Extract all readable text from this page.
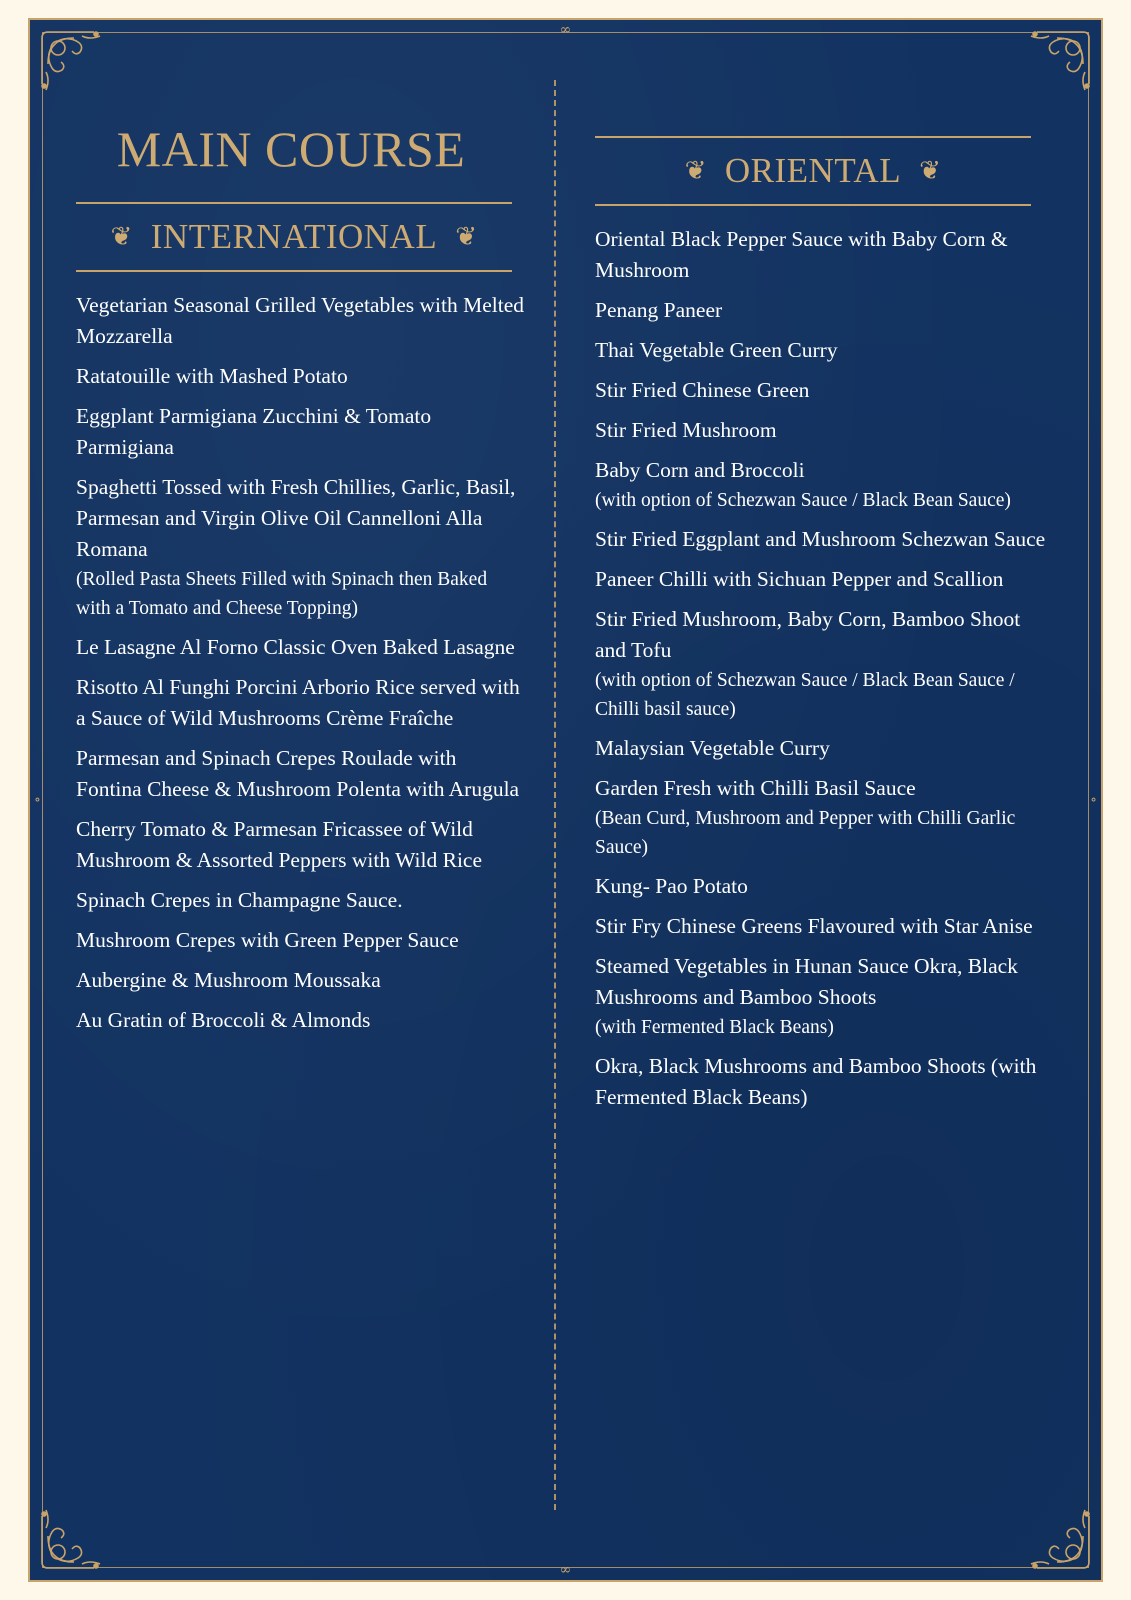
∞
∞
∘	∘
MAIN COURSE
❦ INTERNATIONAL ❦
Vegetarian Seasonal Grilled Vegetables with Melted Mozzarella
Ratatouille with Mashed Potato
Eggplant Parmigiana Zucchini & Tomato Parmigiana
Spaghetti Tossed with Fresh Chillies, Garlic, Basil, Parmesan and Virgin Olive Oil Cannelloni Alla Romana
(Rolled Pasta Sheets Filled with Spinach then Baked with a Tomato and Cheese Topping)
Le Lasagne Al Forno Classic Oven Baked Lasagne
Risotto Al Funghi Porcini Arborio Rice served with a Sauce of Wild Mushrooms Crème Fraîche
Parmesan and Spinach Crepes Roulade with Fontina Cheese & Mushroom Polenta with Arugula
Cherry Tomato & Parmesan Fricassee of Wild Mushroom & Assorted Peppers with Wild Rice
Spinach Crepes in Champagne Sauce.
Mushroom Crepes with Green Pepper Sauce
Aubergine & Mushroom Moussaka
Au Gratin of Broccoli & Almonds
❦ ORIENTAL ❦
Oriental Black Pepper Sauce with Baby Corn & Mushroom
Penang Paneer
Thai Vegetable Green Curry
Stir Fried Chinese Green
Stir Fried Mushroom
Baby Corn and Broccoli
(with option of Schezwan Sauce / Black Bean Sauce)
Stir Fried Eggplant and Mushroom Schezwan Sauce
Paneer Chilli with Sichuan Pepper and Scallion
Stir Fried Mushroom, Baby Corn, Bamboo Shoot and Tofu
(with option of Schezwan Sauce / Black Bean Sauce / Chilli basil sauce)
Malaysian Vegetable Curry
Garden Fresh with Chilli Basil Sauce
(Bean Curd, Mushroom and Pepper with Chilli Garlic Sauce)
Kung- Pao Potato
Stir Fry Chinese Greens Flavoured with Star Anise
Steamed Vegetables in Hunan Sauce Okra, Black Mushrooms and Bamboo Shoots
(with Fermented Black Beans)
Okra, Black Mushrooms and Bamboo Shoots (with Fermented Black Beans)
